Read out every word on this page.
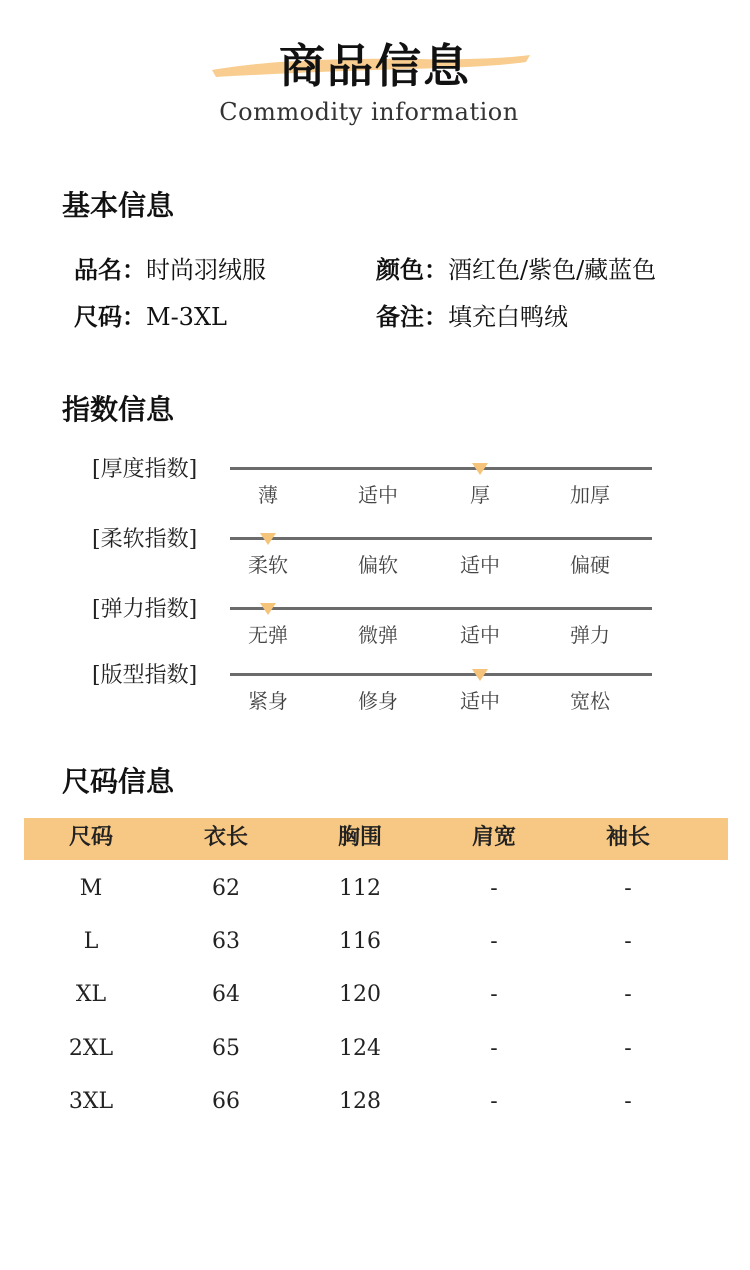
商品信息
Commodity information
基本信息
品名：时尚羽绒服	颜色：酒红色/紫色/藏蓝色
尺码：M-3XL	备注：填充白鸭绒
指数信息
[厚度指数]
薄	适中	厚	加厚
[柔软指数]
柔软	偏软	适中	偏硬
[弹力指数]
无弹	微弹	适中	弹力
[版型指数]
紧身	修身	适中	宽松
尺码信息
尺码	衣长	胸围	肩宽	袖长
M	62	112	-	-
L	63	116	-	-
XL	64	120	-	-
2XL	65	124	-	-
3XL	66	128	-	-
